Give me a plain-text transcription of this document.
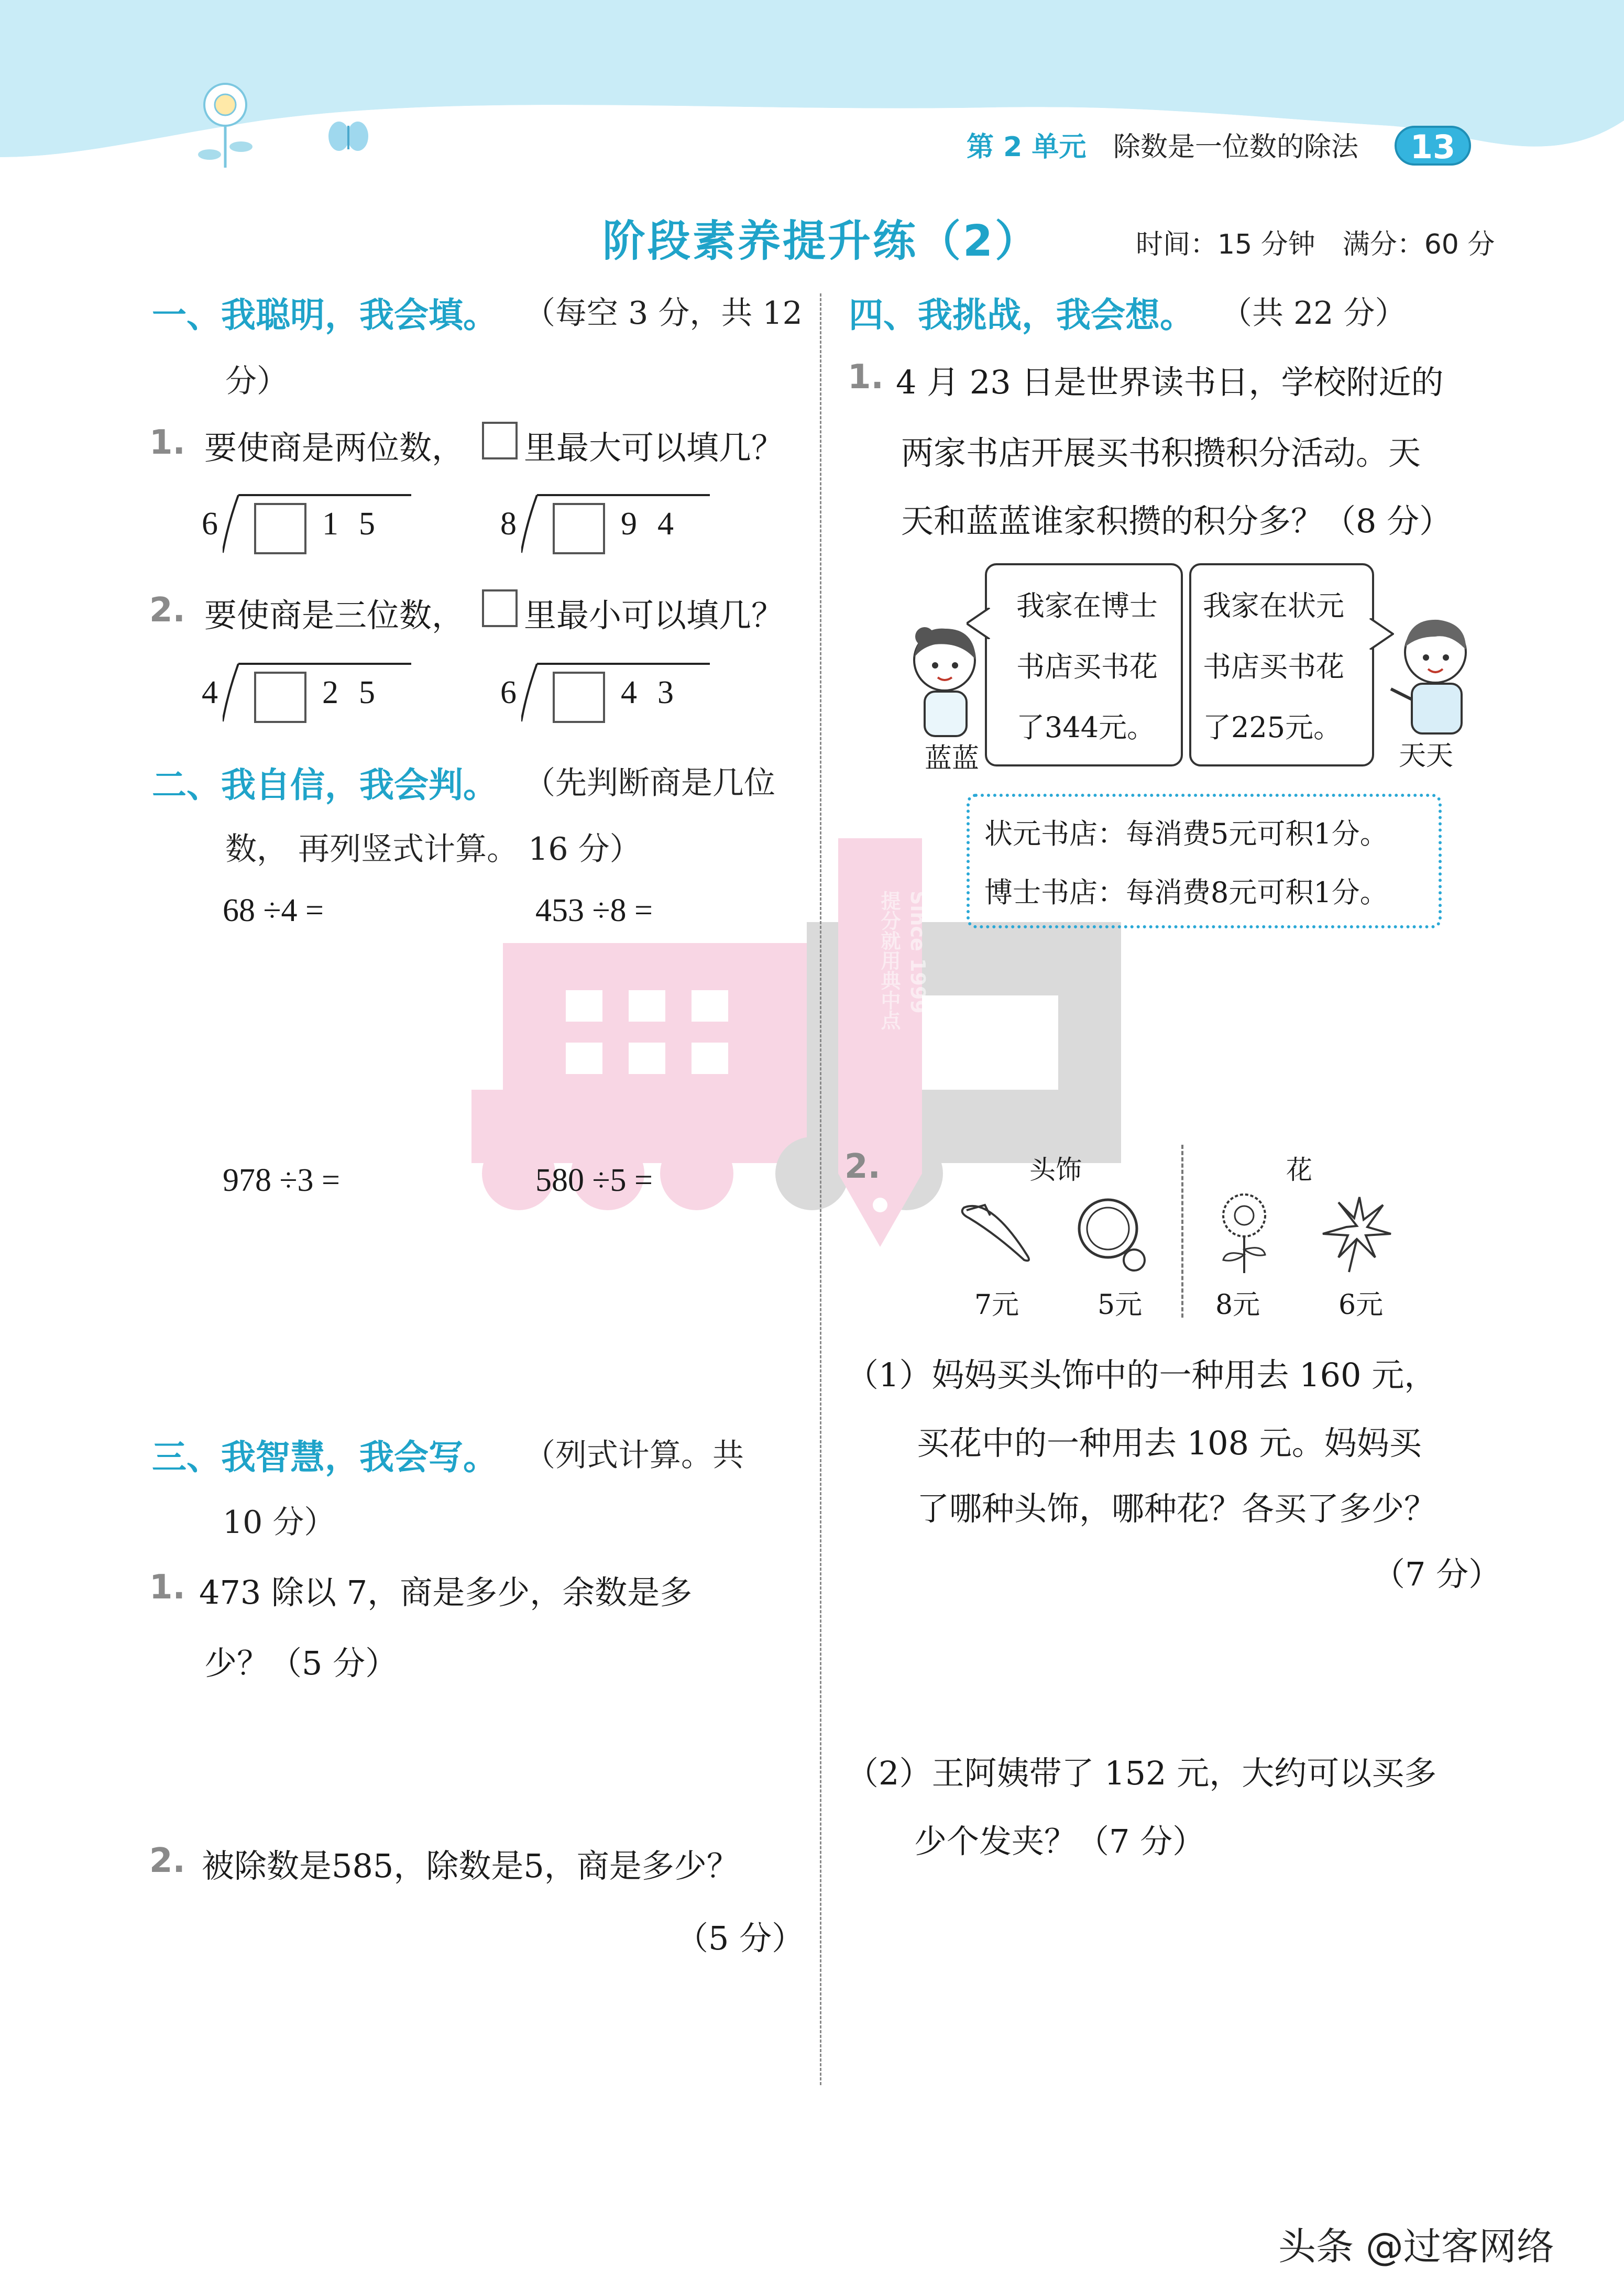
第 2 单元 除数是一位数的除法	13
阶段素养提升练（2）	时间：15 分钟　满分：60 分
Since 1999
提分就用典中点
一、我聪明，我会填。 （每空 3 分，共 12
分）
1. 要使商是两位数， 里最大可以填几？
6	1 5	8	9 4
2. 要使商是三位数， 里最小可以填几？
4	2 5	6	4 3
二、我自信，我会判。 （先判断商是几位
数， 再列竖式计算。 16 分）
68 ÷4 =	453 ÷8 =
978 ÷3 =	580 ÷5 =
三、我智慧，我会写。 （列式计算。共
10 分）
1. 473 除以 7，商是多少，余数是多
少？（5 分）
2. 被除数是585，除数是5，商是多少？
（5 分）
四、我挑战，我会想。 （共 22 分）
1. 4 月 23 日是世界读书日，学校附近的
两家书店开展买书积攒积分活动。天
天和蓝蓝谁家积攒的积分多？（8 分）
我家在博士
书店买书花
了344元。
我家在状元
书店买书花
了225元。
蓝蓝	天天
状元书店：每消费5元可积1分。
博士书店：每消费8元可积1分。
2.	头饰	花
7元	5元	8元	6元
（1）妈妈买头饰中的一种用去 160 元，
买花中的一种用去 108 元。妈妈买
了哪种头饰，哪种花？各买了多少？
（7 分）
（2）王阿姨带了 152 元，大约可以买多
少个发夹？（7 分）
头条 @过客网络
